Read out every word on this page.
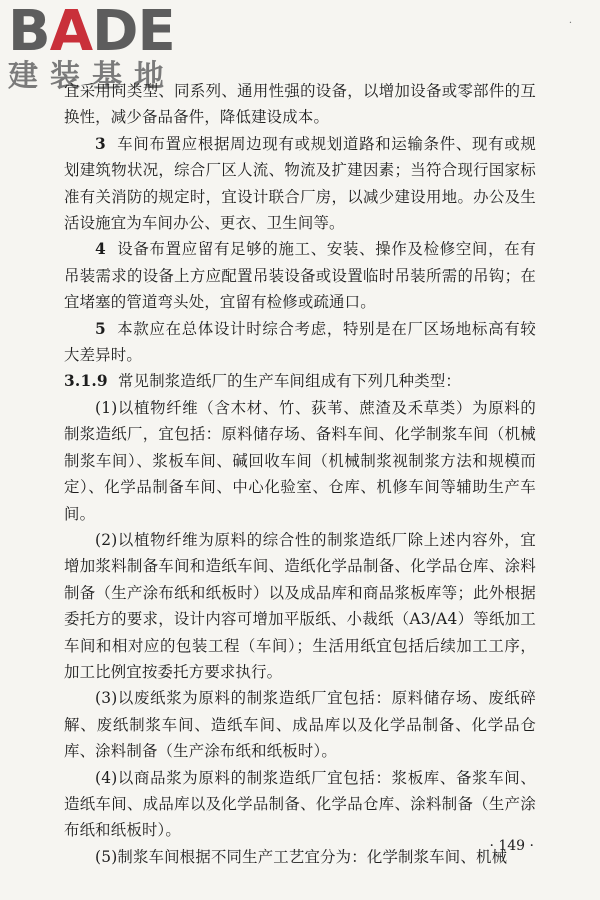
BADE
建装基地
·

宜采用同类型、同系列、通用性强的设备，以增加设备或零部件的互换性，减少备品备件，降低建设成本。

3 车间布置应根据周边现有或规划道路和运输条件、现有或规划建筑物状况，综合厂区人流、物流及扩建因素；当符合现行国家标准有关消防的规定时，宜设计联合厂房，以减少建设用地。办公及生活设施宜为车间办公、更衣、卫生间等。

4 设备布置应留有足够的施工、安装、操作及检修空间，在有吊装需求的设备上方应配置吊装设备或设置临时吊装所需的吊钩；在宜堵塞的管道弯头处，宜留有检修或疏通口。

5 本款应在总体设计时综合考虑，特别是在厂区场地标高有较大差异时。

3.1.9 常见制浆造纸厂的生产车间组成有下列几种类型：

(1)以植物纤维（含木材、竹、荻苇、蔗渣及禾草类）为原料的制浆造纸厂，宜包括：原料储存场、备料车间、化学制浆车间（机械制浆车间）、浆板车间、碱回收车间（机械制浆视制浆方法和规模而定）、化学品制备车间、中心化验室、仓库、机修车间等辅助生产车间。

(2)以植物纤维为原料的综合性的制浆造纸厂除上述内容外，宜增加浆料制备车间和造纸车间、造纸化学品制备、化学品仓库、涂料制备（生产涂布纸和纸板时）以及成品库和商品浆板库等；此外根据委托方的要求，设计内容可增加平版纸、小裁纸（A3/A4）等纸加工车间和相对应的包装工程（车间）；生活用纸宜包括后续加工工序，加工比例宜按委托方要求执行。

(3)以废纸浆为原料的制浆造纸厂宜包括：原料储存场、废纸碎解、废纸制浆车间、造纸车间、成品库以及化学品制备、化学品仓库、涂料制备（生产涂布纸和纸板时）。

(4)以商品浆为原料的制浆造纸厂宜包括：浆板库、备浆车间、造纸车间、成品库以及化学品制备、化学品仓库、涂料制备（生产涂布纸和纸板时）。

(5)制浆车间根据不同生产工艺宜分为：化学制浆车间、机械

· 149 ·
